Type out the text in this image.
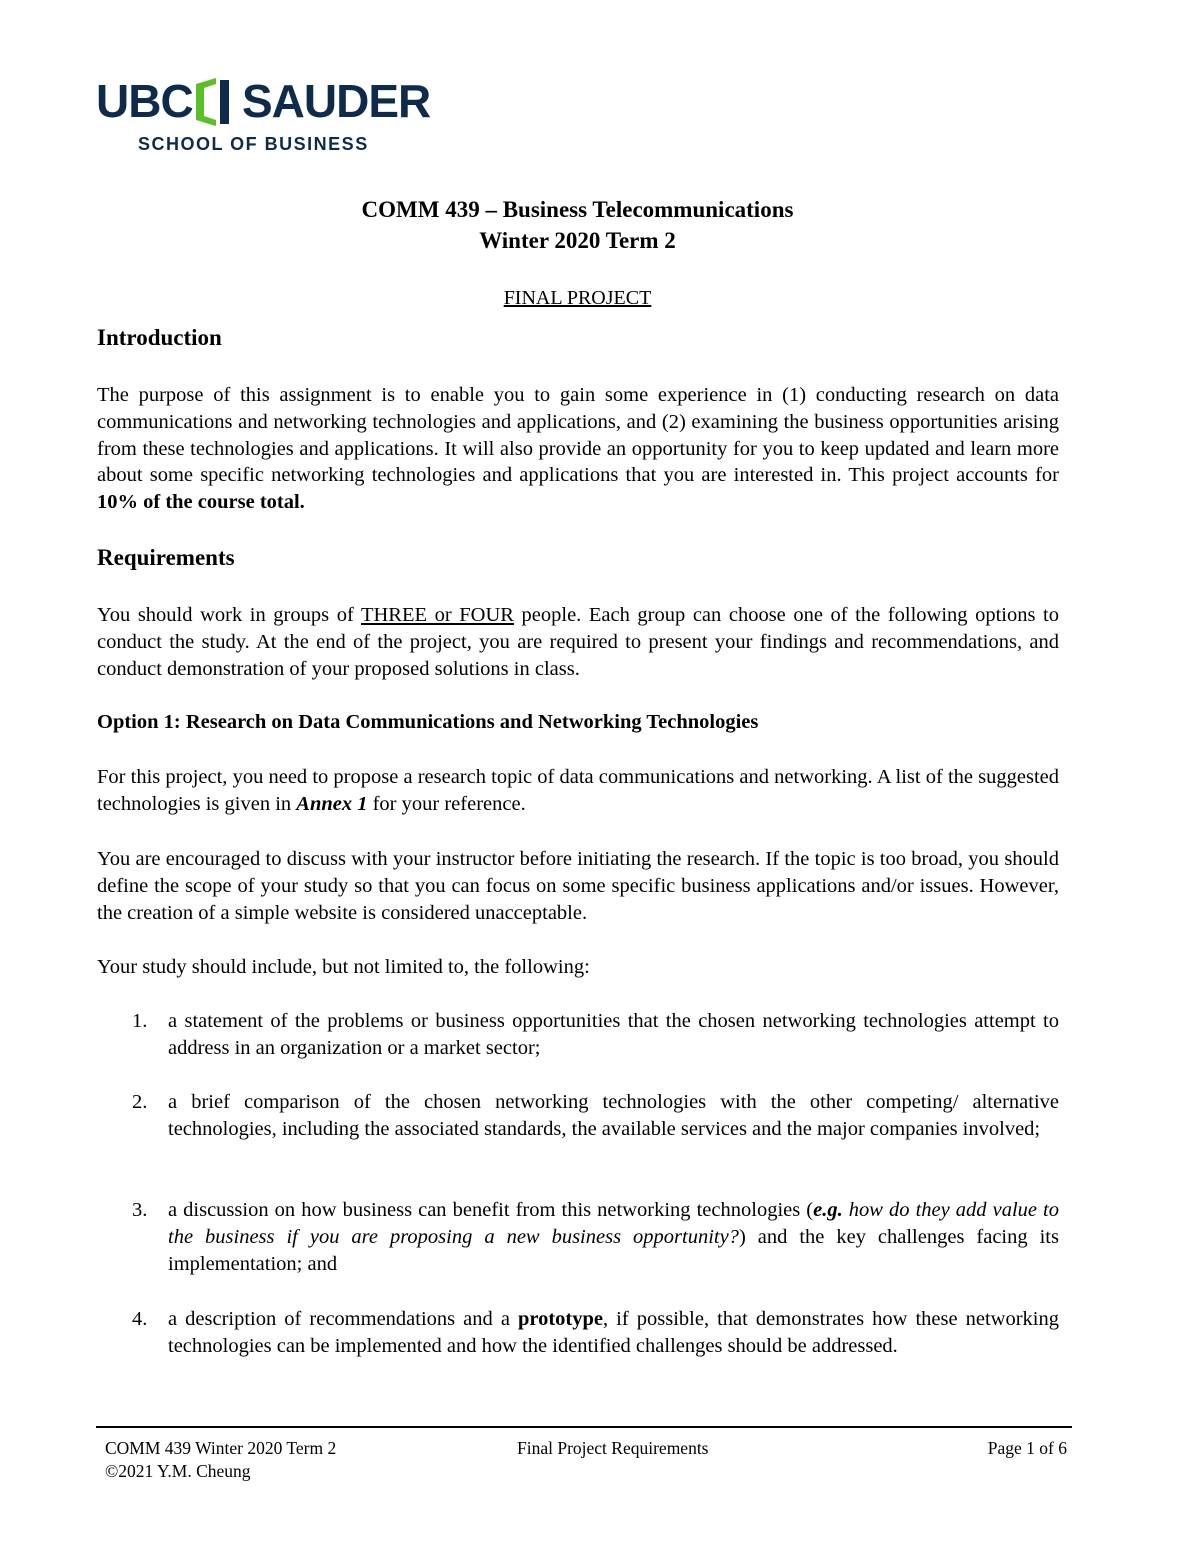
UBC SAUDER
SCHOOL OF BUSINESS
COMM 439 – Business Telecommunications
Winter 2020 Term 2
FINAL PROJECT
Introduction

The purpose of this assignment is to enable you to gain some experience in (1) conducting research on data communications and networking technologies and applications, and (2) examining the business opportunities arising from these technologies and applications. It will also provide an opportunity for you to keep updated and learn more about some specific networking technologies and applications that you are interested in. This project accounts for 10% of the course total.

Requirements

You should work in groups of THREE or FOUR people. Each group can choose one of the following options to conduct the study. At the end of the project, you are required to present your findings and recommendations, and conduct demonstration of your proposed solutions in class.

Option 1: Research on Data Communications and Networking Technologies

For this project, you need to propose a research topic of data communications and networking. A list of the suggested technologies is given in Annex 1 for your reference.

You are encouraged to discuss with your instructor before initiating the research. If the topic is too broad, you should define the scope of your study so that you can focus on some specific business applications and/or issues. However, the creation of a simple website is considered unacceptable.

Your study should include, but not limited to, the following:

1. a statement of the problems or business opportunities that the chosen networking technologies attempt to address in an organization or a market sector;
2. a brief comparison of the chosen networking technologies with the other competing/ alternative technologies, including the associated standards, the available services and the major companies involved;
3. a discussion on how business can benefit from this networking technologies (e.g. how do they add value to the business if you are proposing a new business opportunity?) and the key challenges facing its implementation; and
4. a description of recommendations and a prototype, if possible, that demonstrates how these networking technologies can be implemented and how the identified challenges should be addressed.
COMM 439 Winter 2020 Term 2
©2021 Y.M. Cheung
Final Project Requirements	Page 1 of 6
